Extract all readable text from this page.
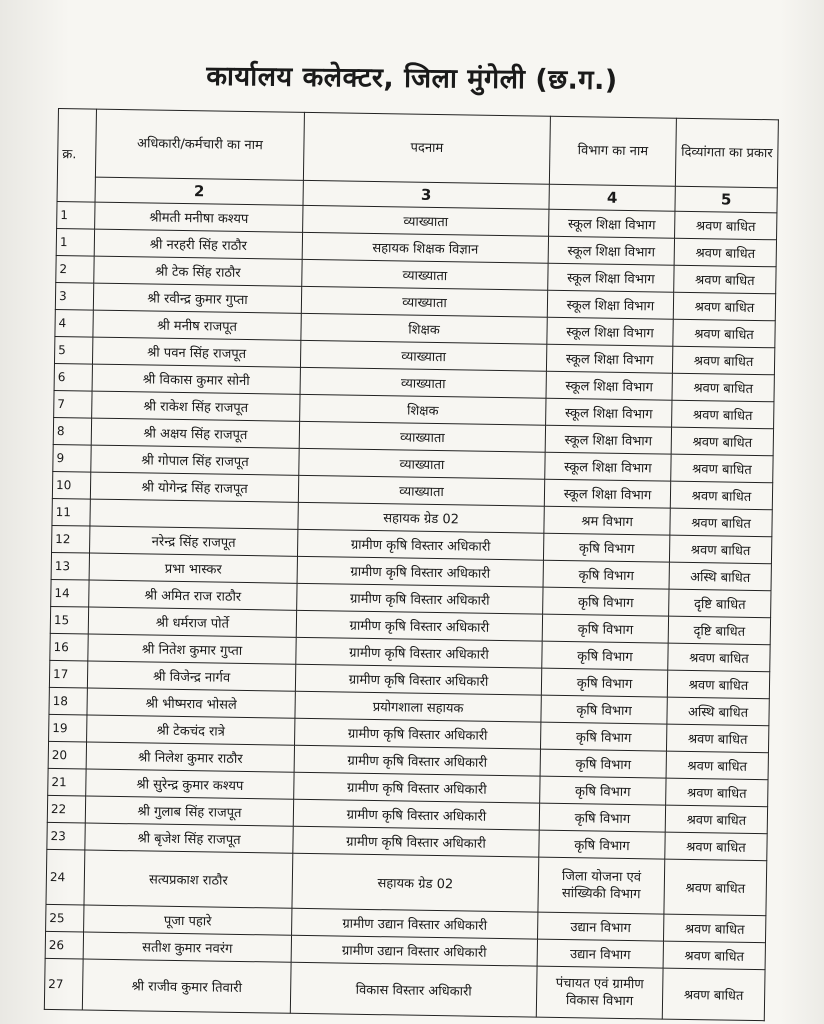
कार्यालय कलेक्टर, जिला मुंगेली (छ.ग.)
क्र.	अधिकारी/कर्मचारी का नाम	पदनाम	विभाग का नाम	दिव्यांगता का प्रकार
	2	3	4	5
1	श्रीमती मनीषा कश्यप	व्याख्याता	स्कूल शिक्षा विभाग	श्रवण बाधित
1	श्री नरहरी सिंह राठौर	सहायक शिक्षक विज्ञान	स्कूल शिक्षा विभाग	श्रवण बाधित
2	श्री टेक सिंह राठौर	व्याख्याता	स्कूल शिक्षा विभाग	श्रवण बाधित
3	श्री रवीन्द्र कुमार गुप्ता	व्याख्याता	स्कूल शिक्षा विभाग	श्रवण बाधित
4	श्री मनीष राजपूत	शिक्षक	स्कूल शिक्षा विभाग	श्रवण बाधित
5	श्री पवन सिंह राजपूत	व्याख्याता	स्कूल शिक्षा विभाग	श्रवण बाधित
6	श्री विकास कुमार सोनी	व्याख्याता	स्कूल शिक्षा विभाग	श्रवण बाधित
7	श्री राकेश सिंह राजपूत	शिक्षक	स्कूल शिक्षा विभाग	श्रवण बाधित
8	श्री अक्षय सिंह राजपूत	व्याख्याता	स्कूल शिक्षा विभाग	श्रवण बाधित
9	श्री गोपाल सिंह राजपूत	व्याख्याता	स्कूल शिक्षा विभाग	श्रवण बाधित
10	श्री योगेन्द्र सिंह राजपूत	व्याख्याता	स्कूल शिक्षा विभाग	श्रवण बाधित
11		सहायक ग्रेड 02	श्रम विभाग	श्रवण बाधित
12	नरेन्द्र सिंह राजपूत	ग्रामीण कृषि विस्तार अधिकारी	कृषि विभाग	श्रवण बाधित
13	प्रभा भास्कर	ग्रामीण कृषि विस्तार अधिकारी	कृषि विभाग	अस्थि बाधित
14	श्री अमित राज राठौर	ग्रामीण कृषि विस्तार अधिकारी	कृषि विभाग	दृष्टि बाधित
15	श्री धर्मराज पोर्ते	ग्रामीण कृषि विस्तार अधिकारी	कृषि विभाग	दृष्टि बाधित
16	श्री नितेश कुमार गुप्ता	ग्रामीण कृषि विस्तार अधिकारी	कृषि विभाग	श्रवण बाधित
17	श्री विजेन्द्र नार्गव	ग्रामीण कृषि विस्तार अधिकारी	कृषि विभाग	श्रवण बाधित
18	श्री भीष्मराव भोसले	प्रयोगशाला सहायक	कृषि विभाग	अस्थि बाधित
19	श्री टेकचंद रात्रे	ग्रामीण कृषि विस्तार अधिकारी	कृषि विभाग	श्रवण बाधित
20	श्री निलेश कुमार राठौर	ग्रामीण कृषि विस्तार अधिकारी	कृषि विभाग	श्रवण बाधित
21	श्री सुरेन्द्र कुमार कश्यप	ग्रामीण कृषि विस्तार अधिकारी	कृषि विभाग	श्रवण बाधित
22	श्री गुलाब सिंह राजपूत	ग्रामीण कृषि विस्तार अधिकारी	कृषि विभाग	श्रवण बाधित
23	श्री बृजेश सिंह राजपूत	ग्रामीण कृषि विस्तार अधिकारी	कृषि विभाग	श्रवण बाधित
24	सत्यप्रकाश राठौर	सहायक ग्रेड 02	जिला योजना एवं सांख्यिकी विभाग	श्रवण बाधित
25	पूजा पहारे	ग्रामीण उद्यान विस्तार अधिकारी	उद्यान विभाग	श्रवण बाधित
26	सतीश कुमार नवरंग	ग्रामीण उद्यान विस्तार अधिकारी	उद्यान विभाग	श्रवण बाधित
27	श्री राजीव कुमार तिवारी	विकास विस्तार अधिकारी	पंचायत एवं ग्रामीण विकास विभाग	श्रवण बाधित
